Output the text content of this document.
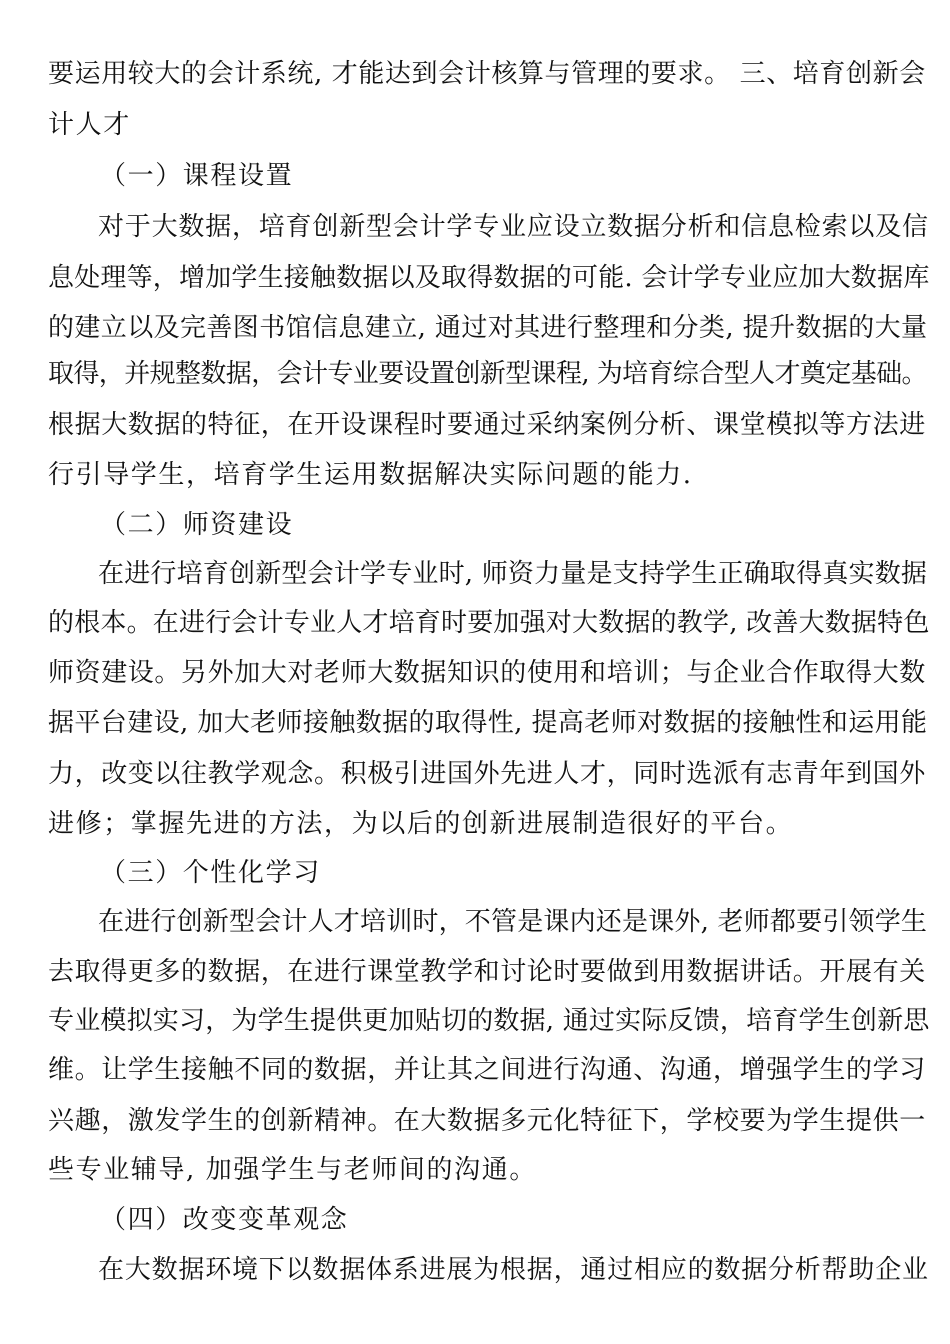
要运用较大的会计系统, 才能达到会计核算与管理的要求。 三、培育创新会
计人才
（一）课程设置
对于大数据，培育创新型会计学专业应设立数据分析和信息检索以及信
息处理等，增加学生接触数据以及取得数据的可能. 会计学专业应加大数据库
的建立以及完善图书馆信息建立, 通过对其进行整理和分类, 提升数据的大量
取得，并规整数据，会计专业要设置创新型课程, 为培育综合型人才奠定基础。
根据大数据的特征，在开设课程时要通过采纳案例分析、课堂模拟等方法进
行引导学生，培育学生运用数据解决实际问题的能力.
（二）师资建设
在进行培育创新型会计学专业时, 师资力量是支持学生正确取得真实数据
的根本。在进行会计专业人才培育时要加强对大数据的教学, 改善大数据特色
师资建设。另外加大对老师大数据知识的使用和培训；与企业合作取得大数
据平台建设, 加大老师接触数据的取得性, 提高老师对数据的接触性和运用能
力，改变以往教学观念。积极引进国外先进人才，同时选派有志青年到国外
进修；掌握先进的方法，为以后的创新进展制造很好的平台。
（三）个性化学习
在进行创新型会计人才培训时，不管是课内还是课外, 老师都要引领学生
去取得更多的数据，在进行课堂教学和讨论时要做到用数据讲话。开展有关
专业模拟实习，为学生提供更加贴切的数据, 通过实际反馈，培育学生创新思
维。让学生接触不同的数据，并让其之间进行沟通、沟通，增强学生的学习
兴趣，激发学生的创新精神。在大数据多元化特征下，学校要为学生提供一
些专业辅导, 加强学生与老师间的沟通。
（四）改变变革观念
在大数据环境下以数据体系进展为根据，通过相应的数据分析帮助企业
